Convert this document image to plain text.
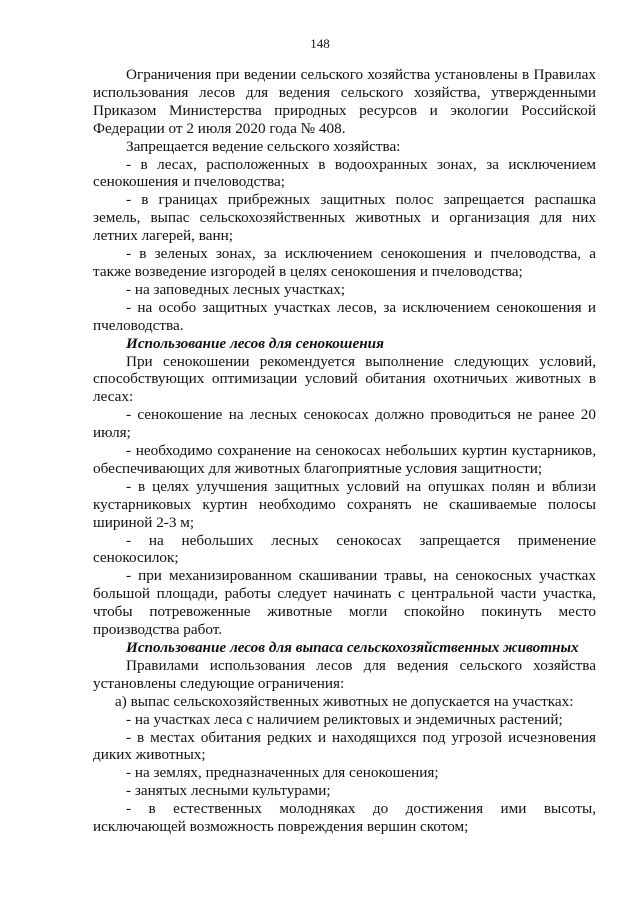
148

Ограничения при ведении сельского хозяйства установлены в Правилах использования лесов для ведения сельского хозяйства, утвержденными Приказом Министерства природных ресурсов и экологии Российской Федерации от 2 июля 2020 года № 408.

Запрещается ведение сельского хозяйства:

- в лесах, расположенных в водоохранных зонах, за исключением сенокошения и пчеловодства;

- в границах прибрежных защитных полос запрещается распашка земель, выпас сельскохозяйственных животных и организация для них летних лагерей, ванн;

- в зеленых зонах, за исключением сенокошения и пчеловодства, а также возведение изгородей в целях сенокошения и пчеловодства;

- на заповедных лесных участках;

- на особо защитных участках лесов, за исключением сенокошения и пчеловодства.

Использование лесов для сенокошения

При сенокошении рекомендуется выполнение следующих условий, способствующих оптимизации условий обитания охотничьих животных в лесах:

- сенокошение на лесных сенокосах должно проводиться не ранее 20 июля;

- необходимо сохранение на сенокосах небольших куртин кустарников, обеспечивающих для животных благоприятные условия защитности;

- в целях улучшения защитных условий на опушках полян и вблизи кустарниковых куртин необходимо сохранять не скашиваемые полосы шириной 2-3 м;

- на небольших лесных сенокосах запрещается применение сенокосилок;

- при механизированном скашивании травы, на сенокосных участках большой площади, работы следует начинать с центральной части участка, чтобы потревоженные животные могли спокойно покинуть место производства работ.

Использование лесов для выпаса сельскохозяйственных животных

Правилами использования лесов для ведения сельского хозяйства установлены следующие ограничения:

а) выпас сельскохозяйственных животных не допускается на участках:

- на участках леса с наличием реликтовых и эндемичных растений;

- в местах обитания редких и находящихся под угрозой исчезновения диких животных;

- на землях, предназначенных для сенокошения;

- занятых лесными культурами;

- в естественных молодняках до достижения ими высоты, исключающей возможность повреждения вершин скотом;
